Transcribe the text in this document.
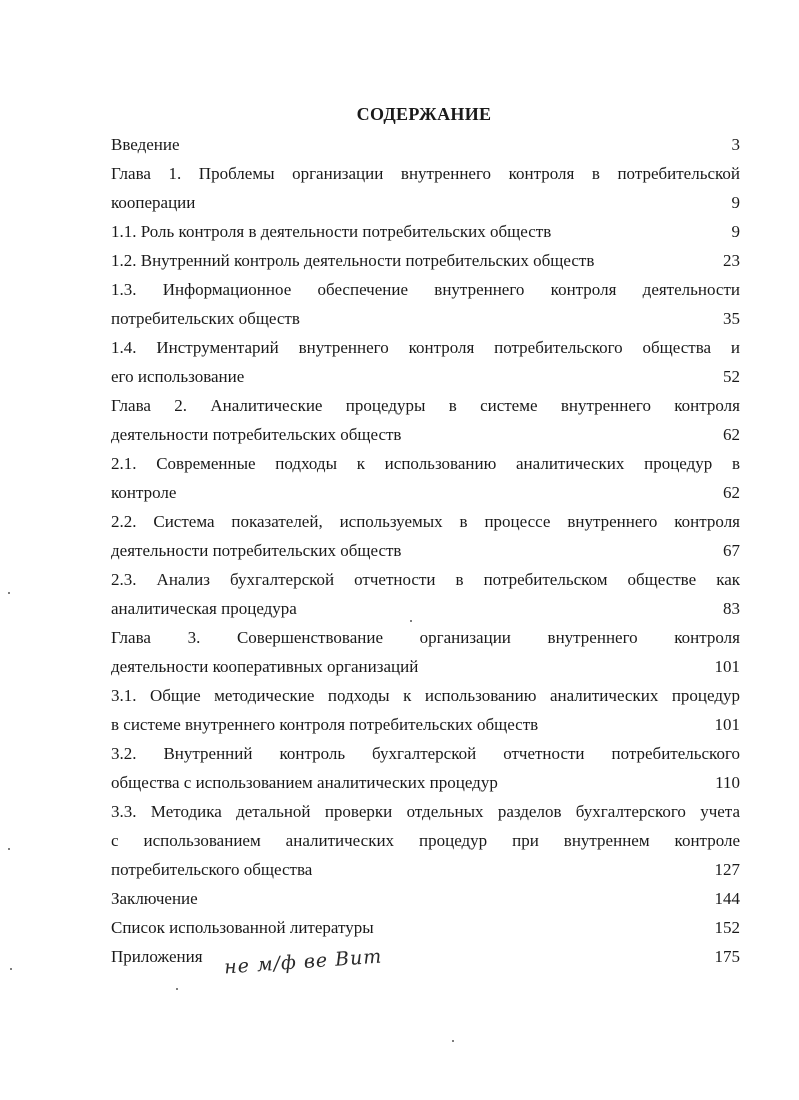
СОДЕРЖАНИЕ
Введение	3
Глава 1. Проблемы организации внутреннего контроля в потребительской
кооперации	9
1.1. Роль контроля в деятельности потребительских обществ	9
1.2. Внутренний контроль деятельности потребительских обществ	23
1.3. Информационное обеспечение внутреннего контроля деятельности
потребительских обществ	35
1.4. Инструментарий внутреннего контроля потребительского общества и
его использование	52
Глава 2. Аналитические процедуры в системе внутреннего контроля
деятельности потребительских обществ	62
2.1. Современные подходы к использованию аналитических процедур в
контроле	62
2.2. Система показателей, используемых в процессе внутреннего контроля
деятельности потребительских обществ	67
2.3. Анализ бухгалтерской отчетности в потребительском обществе как
аналитическая процедура	83
Глава 3. Совершенствование организации внутреннего контроля
деятельности кооперативных организаций	101
3.1. Общие методические подходы к использованию аналитических процедур
в системе внутреннего контроля потребительских обществ	101
3.2. Внутренний контроль бухгалтерской отчетности потребительского
общества с использованием аналитических процедур	110
3.3. Методика детальной проверки отдельных разделов бухгалтерского учета
с использованием аналитических процедур при внутреннем контроле
потребительского общества	127
Заключение	144
Список использованной литературы	152
Приложения	175
не м/ф ве Вит
